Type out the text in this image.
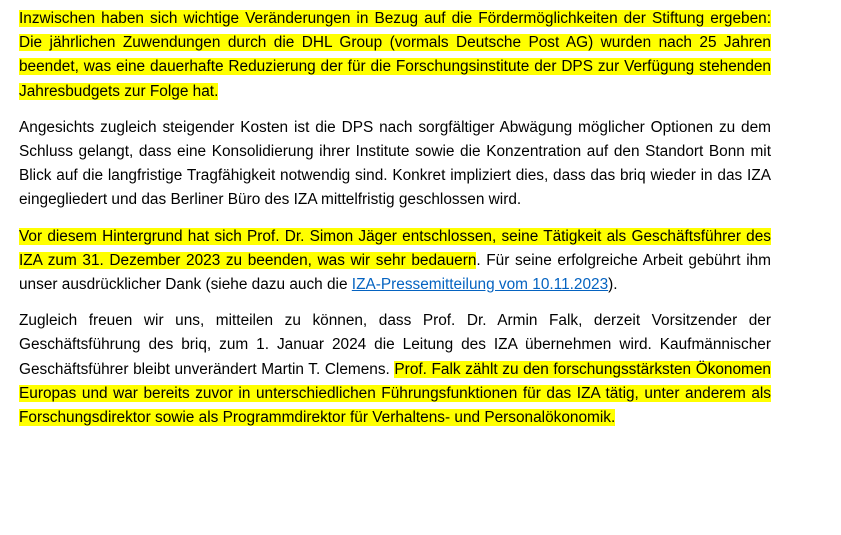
Inzwischen haben sich wichtige Veränderungen in Bezug auf die Fördermöglichkeiten der Stiftung ergeben: Die jährlichen Zuwendungen durch die DHL Group (vormals Deutsche Post AG) wurden nach 25 Jahren beendet, was eine dauerhafte Reduzierung der für die Forschungsinstitute der DPS zur Verfügung stehenden Jahresbudgets zur Folge hat.

Angesichts zugleich steigender Kosten ist die DPS nach sorgfältiger Abwägung möglicher Optionen zu dem Schluss gelangt, dass eine Konsolidierung ihrer Institute sowie die Konzentration auf den Standort Bonn mit Blick auf die langfristige Tragfähigkeit notwendig sind. Konkret impliziert dies, dass das briq wieder in das IZA eingegliedert und das Berliner Büro des IZA mittelfristig geschlossen wird.

Vor diesem Hintergrund hat sich Prof. Dr. Simon Jäger entschlossen, seine Tätigkeit als Geschäftsführer des IZA zum 31. Dezember 2023 zu beenden, was wir sehr bedauern. Für seine erfolgreiche Arbeit gebührt ihm unser ausdrücklicher Dank (siehe dazu auch die IZA-Pressemitteilung vom 10.11.2023).

Zugleich freuen wir uns, mitteilen zu können, dass Prof. Dr. Armin Falk, derzeit Vorsitzender der Geschäftsführung des briq, zum 1. Januar 2024 die Leitung des IZA übernehmen wird. Kaufmännischer Geschäftsführer bleibt unverändert Martin T. Clemens. Prof. Falk zählt zu den forschungsstärksten Ökonomen Europas und war bereits zuvor in unterschiedlichen Führungsfunktionen für das IZA tätig, unter anderem als Forschungsdirektor sowie als Programmdirektor für Verhaltens- und Personalökonomik.
